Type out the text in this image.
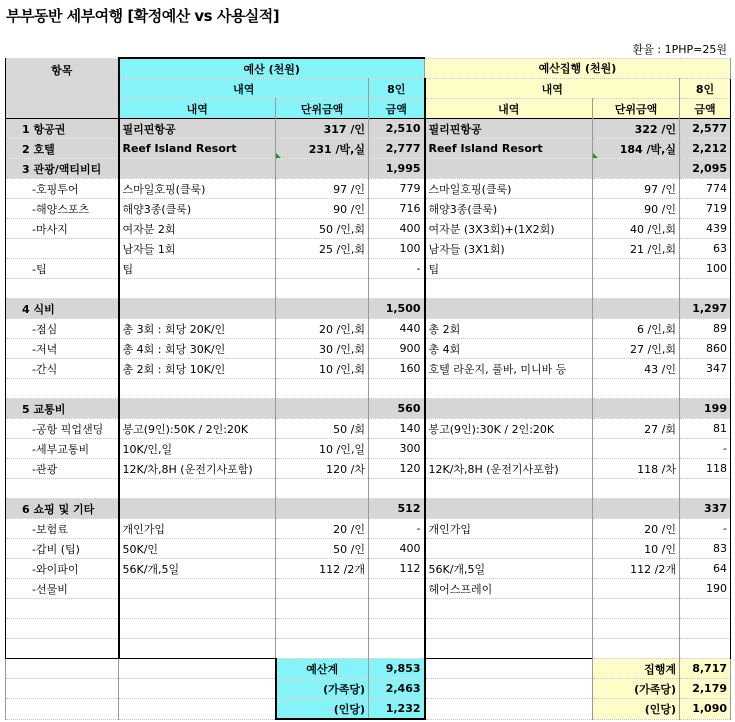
부부동반 세부여행 [확정예산 vs 사용실적]
환율 : 1PHP=25원
항목	예산 (천원)			예산집행 (천원)		
	내역		8인	내역		8인
	내역	단위금액	금액	내역	단위금액	금액
1 항공권	필리핀항공	317 /인	2,510	필리핀항공	322 /인	2,577
2 호텔	Reef Island Resort	231 /박,실	2,777	Reef Island Resort	184 /박,실	2,212
3 관광/액티비티			1,995			2,095
-호핑투어	스마일호핑(클룩)	97 /인	779	스마일호핑(클룩)	97 /인	774
-해양스포츠	해양3종(클룩)	90 /인	716	해양3종(클룩)	90 /인	719
-마사지	여자분 2회	50 /인,회	400	여자분 (3X3회)+(1X2회)	40 /인,회	439
	남자들 1회	25 /인,회	100	남자들 (3X1회)	21 /인,회	63
-팁	팁		-	팁		100

4 식비			1,500			1,297
-점심	총 3회 : 회당 20K/인	20 /인,회	440	총 2회	6 /인,회	89
-저녁	총 4회 : 회당 30K/인	30 /인,회	900	총 4회	27 /인,회	860
-간식	총 2회 : 회당 10K/인	10 /인,회	160	호텔 라운지, 풀바, 미니바 등	43 /인	347

5 교통비			560			199
-공항 픽업샌딩	봉고(9인):50K / 2인:20K	50 /회	140	봉고(9인):30K / 2인:20K	27 /회	81
-세부교통비	10K/인,일	10 /인,일	300			-
-관광	12K/차,8H (운전기사포함)	120 /차	120	12K/차,8H (운전기사포함)	118 /차	118

6 쇼핑 및 기타			512			337
-보험료	개인가입	20 /인	-	개인가입	20 /인	-
-갑비 (팁)	50K/인	50 /인	400		10 /인	83
-와이파이	56K/개,5일	112 /2개	112	56K/개,5일	112 /2개	64
-선물비				헤어스프레이		190

		예산계	9,853		집행계	8,717
		(가족당)	2,463		(가족당)	2,179
		(인당)	1,232		(인당)	1,090
